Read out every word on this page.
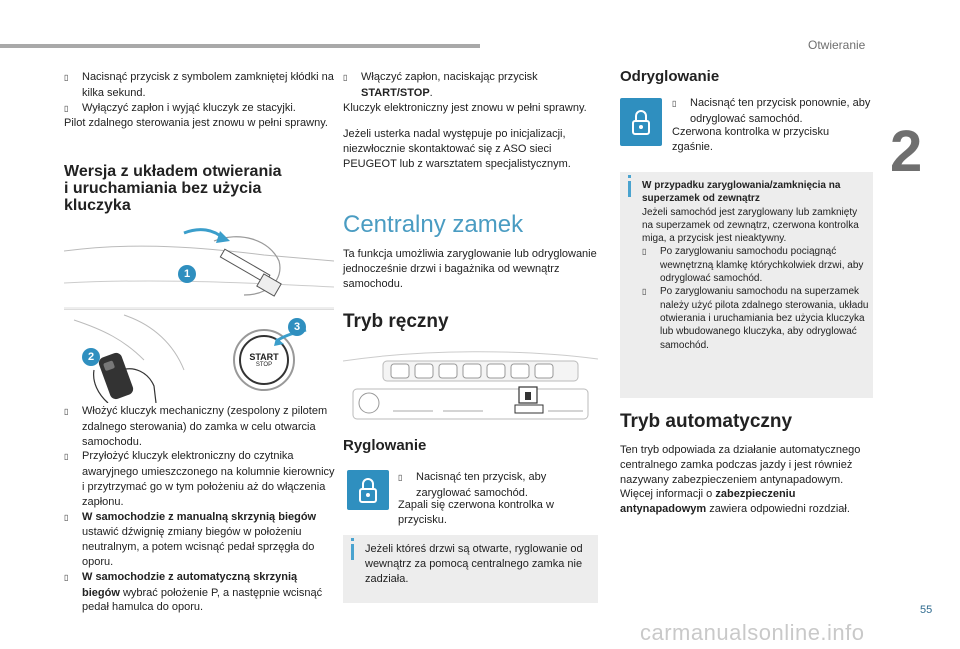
Otwieranie
2
▯ Nacisnąć przycisk z symbolem zamkniętej kłódki na kilka sekund.
▯ Wyłączyć zapłon i wyjąć kluczyk ze stacyjki.
Pilot zdalnego sterowania jest znowu w pełni sprawny.
Wersja z układem otwierania
i uruchamiania bez użycia
kluczyka
1
2	START
STOP
3
▯ Włożyć kluczyk mechaniczny (zespolony z pilotem zdalnego sterowania) do zamka w celu otwarcia samochodu.
▯ Przyłożyć kluczyk elektroniczny do czytnika awaryjnego umieszczonego na kolumnie kierownicy i przytrzymać go w tym położeniu aż do włączenia zapłonu.
▯ W samochodzie z manualną skrzynią biegów ustawić dźwignię zmiany biegów w położeniu neutralnym, a potem wcisnąć pedał sprzęgła do oporu.
▯ W samochodzie z automatyczną skrzynią biegów wybrać położenie P, a następnie wcisnąć pedał hamulca do oporu.
▯ Włączyć zapłon, naciskając przycisk START/STOP.
Kluczyk elektroniczny jest znowu w pełni sprawny.
Jeżeli usterka nadal występuje po inicjalizacji, niezwłocznie skontaktować się z ASO sieci PEUGEOT lub z warsztatem specjalistycznym.
Centralny zamek
Ta funkcja umożliwia zaryglowanie lub odryglowanie jednocześnie drzwi i bagażnika od wewnątrz samochodu.
Tryb ręczny
Ryglowanie
▯ Nacisnąć ten przycisk, aby zaryglować samochód.
Zapali się czerwona kontrolka w przycisku.
Jeżeli któreś drzwi są otwarte, ryglowanie od wewnątrz za pomocą centralnego zamka nie zadziała.
Odryglowanie
▯ Nacisnąć ten przycisk ponownie, aby odryglować samochód.
Czerwona kontrolka w przycisku zgaśnie.
W przypadku zaryglowania/zamknięcia na superzamek od zewnątrz
Jeżeli samochód jest zaryglowany lub zamknięty na superzamek od zewnątrz, czerwona kontrolka miga, a przycisk jest nieaktywny.
▯ Po zaryglowaniu samochodu pociągnąć wewnętrzną klamkę którychkolwiek drzwi, aby odryglować samochód.
▯ Po zaryglowaniu samochodu na superzamek należy użyć pilota zdalnego sterowania, układu otwierania i uruchamiania bez użycia kluczyka lub wbudowanego kluczyka, aby odryglować samochód.
Tryb automatyczny
Ten tryb odpowiada za działanie automatycznego centralnego zamka podczas jazdy i jest również nazywany zabezpieczeniem antynapadowym.
Więcej informacji o zabezpieczeniu antynapadowym zawiera odpowiedni rozdział.
55
carmanualsonline.info
